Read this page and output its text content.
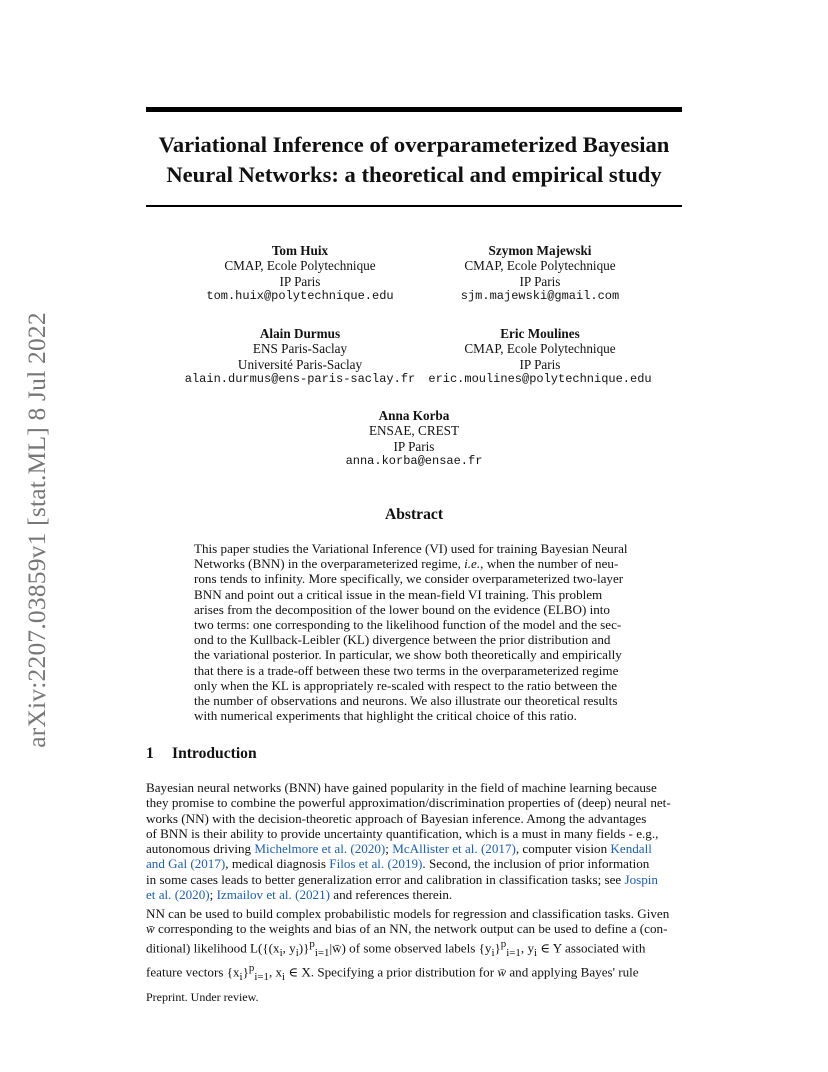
arXiv:2207.03859v1 [stat.ML] 8 Jul 2022
Variational Inference of overparameterized Bayesian
Neural Networks: a theoretical and empirical study
Tom Huix
CMAP, Ecole Polytechnique
IP Paris
tom.huix@polytechnique.edu
Szymon Majewski
CMAP, Ecole Polytechnique
IP Paris
sjm.majewski@gmail.com
Alain Durmus
ENS Paris-Saclay
Université Paris-Saclay
alain.durmus@ens-paris-saclay.fr
Eric Moulines
CMAP, Ecole Polytechnique
IP Paris
eric.moulines@polytechnique.edu
Anna Korba
ENSAE, CREST
IP Paris
anna.korba@ensae.fr
Abstract
This paper studies the Variational Inference (VI) used for training Bayesian Neural
Networks (BNN) in the overparameterized regime, i.e., when the number of neu-
rons tends to infinity. More specifically, we consider overparameterized two-layer
BNN and point out a critical issue in the mean-field VI training. This problem
arises from the decomposition of the lower bound on the evidence (ELBO) into
two terms: one corresponding to the likelihood function of the model and the sec-
ond to the Kullback-Leibler (KL) divergence between the prior distribution and
the variational posterior. In particular, we show both theoretically and empirically
that there is a trade-off between these two terms in the overparameterized regime
only when the KL is appropriately re-scaled with respect to the ratio between the
the number of observations and neurons. We also illustrate our theoretical results
with numerical experiments that highlight the critical choice of this ratio.
1 Introduction
Bayesian neural networks (BNN) have gained popularity in the field of machine learning because
they promise to combine the powerful approximation/discrimination properties of (deep) neural net-
works (NN) with the decision-theoretic approach of Bayesian inference. Among the advantages
of BNN is their ability to provide uncertainty quantification, which is a must in many fields - e.g.,
autonomous driving Michelmore et al. (2020); McAllister et al. (2017), computer vision Kendall
and Gal (2017), medical diagnosis Filos et al. (2019). Second, the inclusion of prior information
in some cases leads to better generalization error and calibration in classification tasks; see Jospin
et al. (2020); Izmailov et al. (2021) and references therein.
NN can be used to build complex probabilistic models for regression and classification tasks. Given
w̄ corresponding to the weights and bias of an NN, the network output can be used to define a (con-
ditional) likelihood $L(\{(x_i$, $y_i)\}^p_{i=1}|w̄$) of some observed labels $\{y_i\}^p_{i=1}$, $y_i$ ∈ Y associated with
feature vectors $\{x_i\}^p_{i=1}$, $x_i$ ∈ X. Specifying a prior distribution for w̄ and applying Bayes' rule
Preprint. Under review.
